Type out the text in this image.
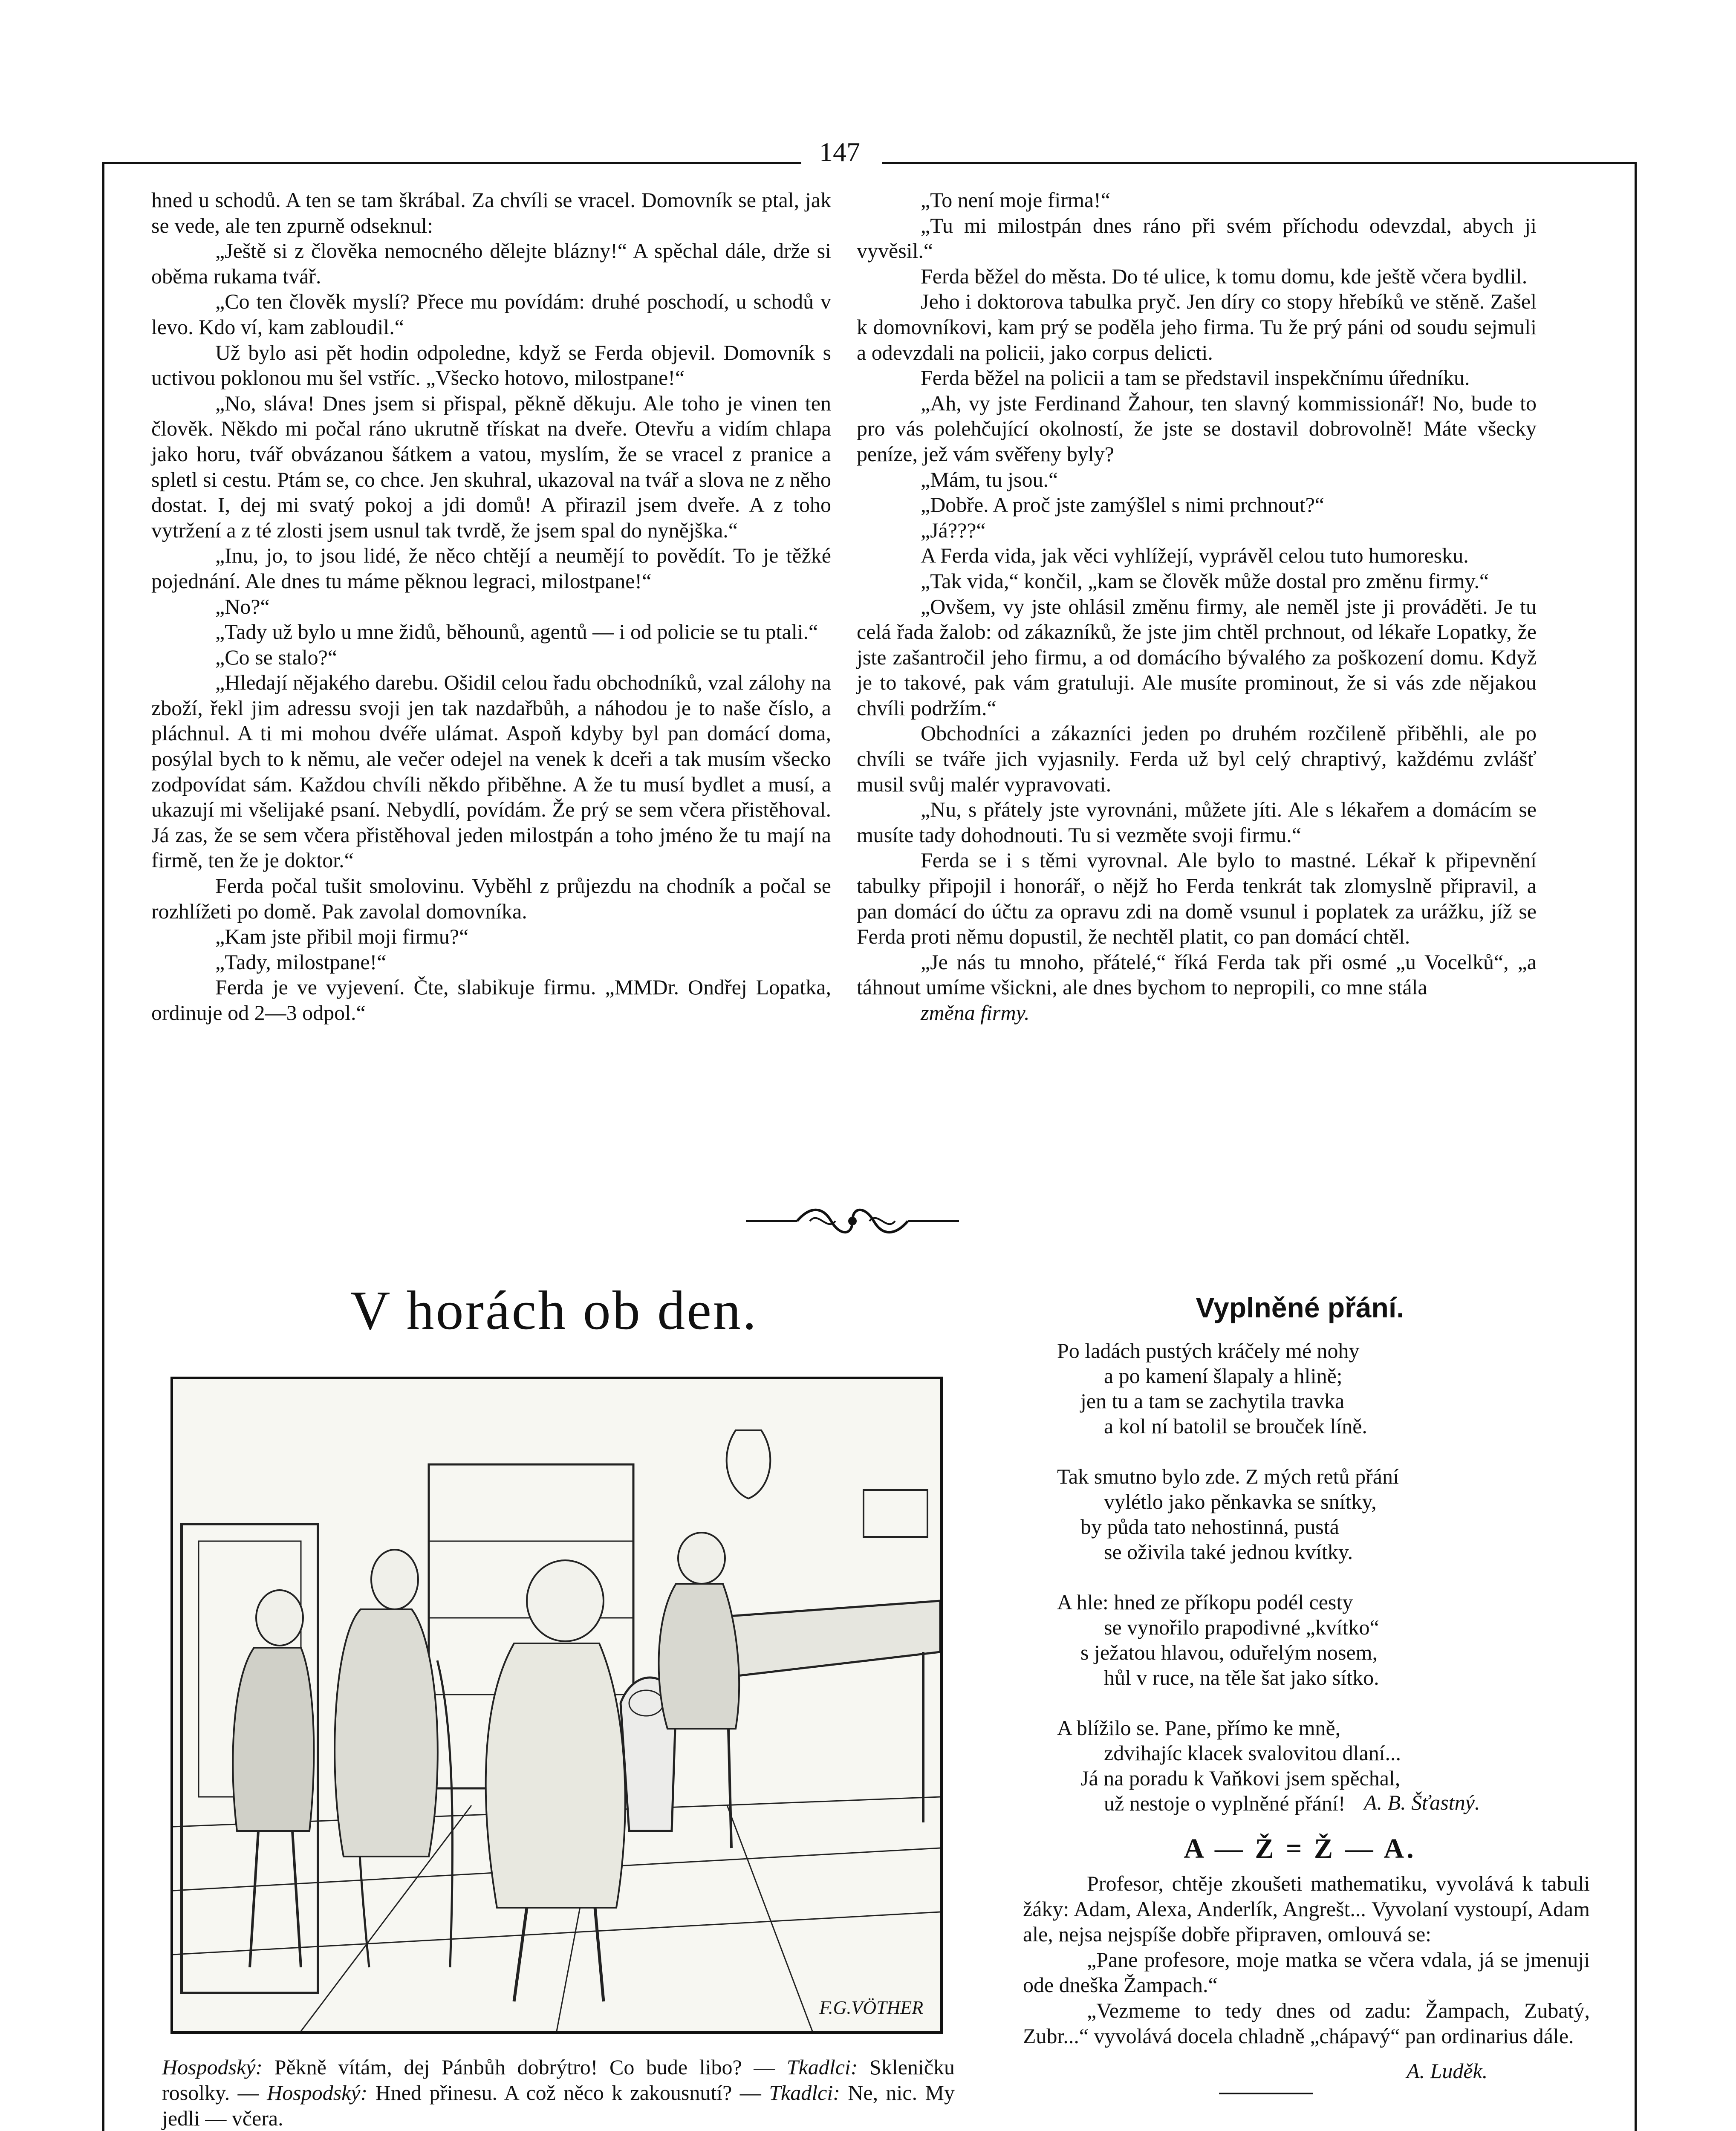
147

hned u schodů. A ten se tam škrábal. Za chvíli se vracel. Domovník se ptal, jak se vede, ale ten zpurně odseknul:

„Ještě si z člověka nemocného dělejte blázny!“ A spěchal dále, drže si oběma rukama tvář.

„Co ten člověk myslí? Přece mu povídám: druhé poschodí, u schodů v levo. Kdo ví, kam zabloudil.“

Už bylo asi pět hodin odpoledne, když se Ferda objevil. Domovník s uctivou poklonou mu šel vstříc. „Všecko hotovo, milostpane!“

„No, sláva! Dnes jsem si přispal, pěkně děkuju. Ale toho je vinen ten člověk. Někdo mi počal ráno ukrutně třískat na dveře. Otevřu a vidím chlapa jako horu, tvář obvázanou šátkem a vatou, myslím, že se vracel z pranice a spletl si cestu. Ptám se, co chce. Jen skuhral, ukazoval na tvář a slova ne z něho dostat. I, dej mi svatý pokoj a jdi domů! A přirazil jsem dveře. A z toho vytržení a z té zlosti jsem usnul tak tvrdě, že jsem spal do nynějška.“

„Inu, jo, to jsou lidé, že něco chtějí a neumějí to povědít. To je těžké pojednání. Ale dnes tu máme pěknou legraci, milostpane!“

„No?“

„Tady už bylo u mne židů, běhounů, agentů — i od policie se tu ptali.“

„Co se stalo?“

„Hledají nějakého darebu. Ošidil celou řadu obchodníků, vzal zálohy na zboží, řekl jim adressu svoji jen tak nazdařbůh, a náhodou je to naše číslo, a pláchnul. A ti mi mohou dvéře ulámat. Aspoň kdyby byl pan domácí doma, posýlal bych to k němu, ale večer odejel na venek k dceři a tak musím všecko zodpovídat sám. Každou chvíli někdo přiběhne. A že tu musí bydlet a musí, a ukazují mi všelijaké psaní. Nebydlí, povídám. Že prý se sem včera přistěhoval. Já zas, že se sem včera přistěhoval jeden milostpán a toho jméno že tu mají na firmě, ten že je doktor.“

Ferda počal tušit smolovinu. Vyběhl z průjezdu na chodník a počal se rozhlížeti po domě. Pak zavolal domovníka.

„Kam jste přibil moji firmu?“

„Tady, milostpane!“

Ferda je ve vyjevení. Čte, slabikuje firmu. „MMDr. Ondřej Lopatka, ordinuje od 2—3 odpol.“

„To není moje firma!“

„Tu mi milostpán dnes ráno při svém příchodu odevzdal, abych ji vyvěsil.“

Ferda běžel do města. Do té ulice, k tomu domu, kde ještě včera bydlil.

Jeho i doktorova tabulka pryč. Jen díry co stopy hřebíků ve stěně. Zašel k domovníkovi, kam prý se poděla jeho firma. Tu že prý páni od soudu sejmuli a odevzdali na policii, jako corpus delicti.

Ferda běžel na policii a tam se představil inspekčnímu úředníku.

„Ah, vy jste Ferdinand Žahour, ten slavný kommissionář! No, bude to pro vás polehčující okolností, že jste se dostavil dobrovolně! Máte všecky peníze, jež vám svěřeny byly?

„Mám, tu jsou.“

„Dobře. A proč jste zamýšlel s nimi prchnout?“

„Já???“

A Ferda vida, jak věci vyhlížejí, vyprávěl celou tuto humoresku.

„Tak vida,“ končil, „kam se člověk může dostal pro změnu firmy.“

„Ovšem, vy jste ohlásil změnu firmy, ale neměl jste ji prováděti. Je tu celá řada žalob: od zákazníků, že jste jim chtěl prchnout, od lékaře Lopatky, že jste zašantročil jeho firmu, a od domácího bývalého za poškození domu. Když je to takové, pak vám gratuluji. Ale musíte prominout, že si vás zde nějakou chvíli podržím.“

Obchodníci a zákazníci jeden po druhém rozčileně přiběhli, ale po chvíli se tváře jich vyjasnily. Ferda už byl celý chraptivý, každému zvlášť musil svůj malér vypravovati.

„Nu, s přátely jste vyrovnáni, můžete jíti. Ale s lékařem a domácím se musíte tady dohodnouti. Tu si vezměte svoji firmu.“

Ferda se i s těmi vyrovnal. Ale bylo to mastné. Lékař k připevnění tabulky připojil i honorář, o nějž ho Ferda tenkrát tak zlomyslně připravil, a pan domácí do účtu za opravu zdi na domě vsunul i poplatek za urážku, jíž se Ferda proti němu dopustil, že nechtěl platit, co pan domácí chtěl.

„Je nás tu mnoho, přátelé,“ říká Ferda tak při osmé „u Vocelků“, „a táhnout umíme všickni, ale dnes bychom to nepropili, co mne stála

změna firmy.

V horách ob den.
F.G.VÖTHER
Hospodský: Pěkně vítám, dej Pánbůh dobrýtro! Co bude libo? — Tkadlci: Skleničku rosolky. — Hospodský: Hned přinesu. A což něco k zakousnutí? — Tkadlci: Ne, nic. My jedli — včera.
Vyplněné přání.
Po ladách pustých kráčely mé nohy
a po kamení šlapaly a hlině;
jen tu a tam se zachytila travka
a kol ní batolil se brouček líně.
Tak smutno bylo zde. Z mých retů přání
vylétlo jako pěnkavka se snítky,
by půda tato nehostinná, pustá
se oživila také jednou kvítky.
A hle: hned ze příkopu podél cesty
se vynořilo prapodivné „kvítko“
s ježatou hlavou, oduřelým nosem,
hůl v ruce, na těle šat jako sítko.
A blížilo se. Pane, přímo ke mně,
zdvihajíc klacek svalovitou dlaní...
Já na poradu k Vaňkovi jsem spěchal,
už nestoje o vyplněné přání! A. B. Šťastný.
A — Ž = Ž — A.

Profesor, chtěje zkoušeti mathematiku, vyvolává k tabuli žáky: Adam, Alexa, Anderlík, Angrešt... Vyvolaní vystoupí, Adam ale, nejsa nejspíše dobře připraven, omlouvá se:

„Pane profesore, moje matka se včera vdala, já se jmenuji ode dneška Žampach.“

„Vezmeme to tedy dnes od zadu: Žampach, Zubatý, Zubr...“ vyvolává docela chladně „chápavý“ pan ordinarius dále.

A. Luděk.
